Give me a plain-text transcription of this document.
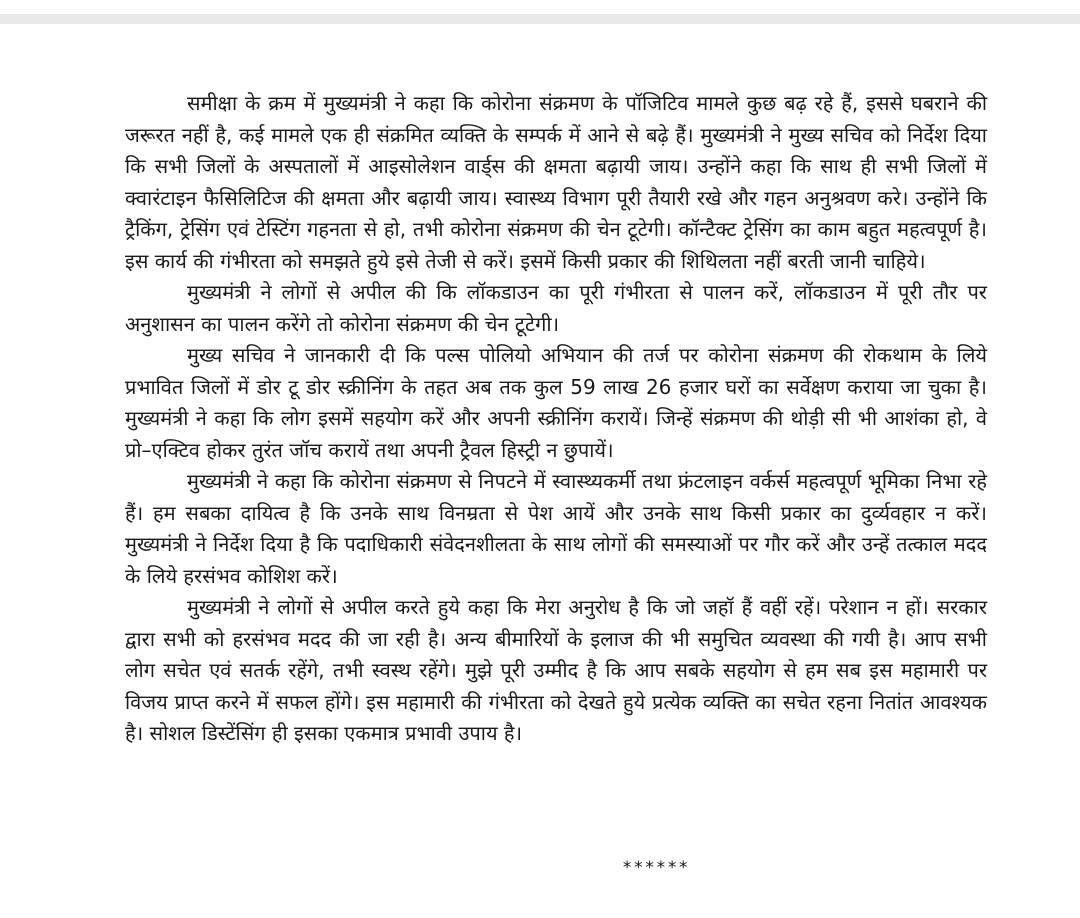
समीक्षा के क्रम में मुख्यमंत्री ने कहा कि कोरोना संक्रमण के पॉजिटिव मामले कुछ बढ़ रहे हैं, इससे घबराने की जरूरत नहीं है, कई मामले एक ही संक्रमित व्यक्ति के सम्पर्क में आने से बढ़े हैं। मुख्यमंत्री ने मुख्य सचिव को निर्देश दिया कि सभी जिलों के अस्पतालों में आइसोलेशन वार्ड्स की क्षमता बढ़ायी जाय। उन्होंने कहा कि साथ ही सभी जिलों में क्वारंटाइन फैसिलिटिज की क्षमता और बढ़ायी जाय। स्वास्थ्य विभाग पूरी तैयारी रखे और गहन अनुश्रवण करे। उन्होंने कि ट्रैकिंग, ट्रेसिंग एवं टेस्टिंग गहनता से हो, तभी कोरोना संक्रमण की चेन टूटेगी। कॉन्टैक्ट ट्रेसिंग का काम बहुत महत्वपूर्ण है। इस कार्य की गंभीरता को समझते हुये इसे तेजी से करें। इसमें किसी प्रकार की शिथिलता नहीं बरती जानी चाहिये।

मुख्यमंत्री ने लोगों से अपील की कि लॉकडाउन का पूरी गंभीरता से पालन करें, लॉकडाउन में पूरी तौर पर अनुशासन का पालन करेंगे तो कोरोना संक्रमण की चेन टूटेगी।

मुख्य सचिव ने जानकारी दी कि पल्स पोलियो अभियान की तर्ज पर कोरोना संक्रमण की रोकथाम के लिये प्रभावित जिलों में डोर टू डोर स्क्रीनिंग के तहत अब तक कुल 59 लाख 26 हजार घरों का सर्वेक्षण कराया जा चुका है। मुख्यमंत्री ने कहा कि लोग इसमें सहयोग करें और अपनी स्क्रीनिंग करायें। जिन्हें संक्रमण की थोड़ी सी भी आशंका हो, वे प्रो–एक्टिव होकर तुरंत जॉच करायें तथा अपनी ट्रैवल हिस्ट्री न छुपायें।

मुख्यमंत्री ने कहा कि कोरोना संक्रमण से निपटने में स्वास्थ्यकर्मी तथा फ्रंटलाइन वर्कर्स महत्वपूर्ण भूमिका निभा रहे हैं। हम सबका दायित्व है कि उनके साथ विनम्रता से पेश आयें और उनके साथ किसी प्रकार का दुर्व्यवहार न करें। मुख्यमंत्री ने निर्देश दिया है कि पदाधिकारी संवेदनशीलता के साथ लोगों की समस्याओं पर गौर करें और उन्हें तत्काल मदद के लिये हरसंभव कोशिश करें।

मुख्यमंत्री ने लोगों से अपील करते हुये कहा कि मेरा अनुरोध है कि जो जहॉ हैं वहीं रहें। परेशान न हों। सरकार द्वारा सभी को हरसंभव मदद की जा रही है। अन्य बीमारियों के इलाज की भी समुचित व्यवस्था की गयी है। आप सभी लोग सचेत एवं सतर्क रहेंगे, तभी स्वस्थ रहेंगे। मुझे पूरी उम्मीद है कि आप सबके सहयोग से हम सब इस महामारी पर विजय प्राप्त करने में सफल होंगे। इस महामारी की गंभीरता को देखते हुये प्रत्येक व्यक्ति का सचेत रहना नितांत आवश्यक है। सोशल डिस्टेंसिंग ही इसका एकमात्र प्रभावी उपाय है।

******
